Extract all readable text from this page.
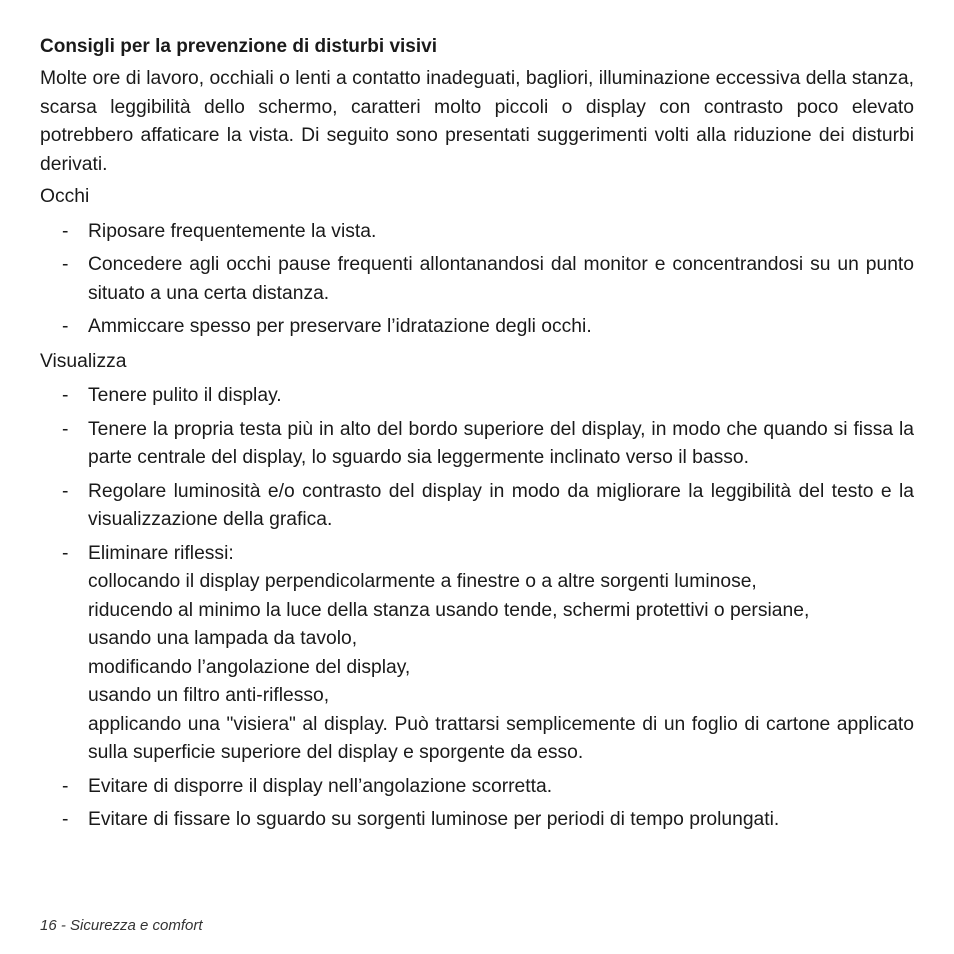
Consigli per la prevenzione di disturbi visivi
Molte ore di lavoro, occhiali o lenti a contatto inadeguati, bagliori, illuminazione eccessiva della stanza, scarsa leggibilità dello schermo, caratteri molto piccoli o display con contrasto poco elevato potrebbero affaticare la vista. Di seguito sono presentati suggerimenti volti alla riduzione dei disturbi derivati.
Occhi
- Riposare frequentemente la vista.
- Concedere agli occhi pause frequenti allontanandosi dal monitor e concentrandosi su un punto situato a una certa distanza.
- Ammiccare spesso per preservare l’idratazione degli occhi.
Visualizza
- Tenere pulito il display.
- Tenere la propria testa più in alto del bordo superiore del display, in modo che quando si fissa la parte centrale del display, lo sguardo sia leggermente inclinato verso il basso.
- Regolare luminosità e/o contrasto del display in modo da migliorare la leggibilità del testo e la visualizzazione della grafica.
- Eliminare riflessi:
collocando il display perpendicolarmente a finestre o a altre sorgenti luminose,
riducendo al minimo la luce della stanza usando tende, schermi protettivi o persiane,
usando una lampada da tavolo,
modificando l’angolazione del display,
usando un filtro anti-riflesso,
applicando una "visiera" al display. Può trattarsi semplicemente di un foglio di cartone applicato sulla superficie superiore del display e sporgente da esso.
- Evitare di disporre il display nell’angolazione scorretta.
- Evitare di fissare lo sguardo su sorgenti luminose per periodi di tempo prolungati.
16 - Sicurezza e comfort
